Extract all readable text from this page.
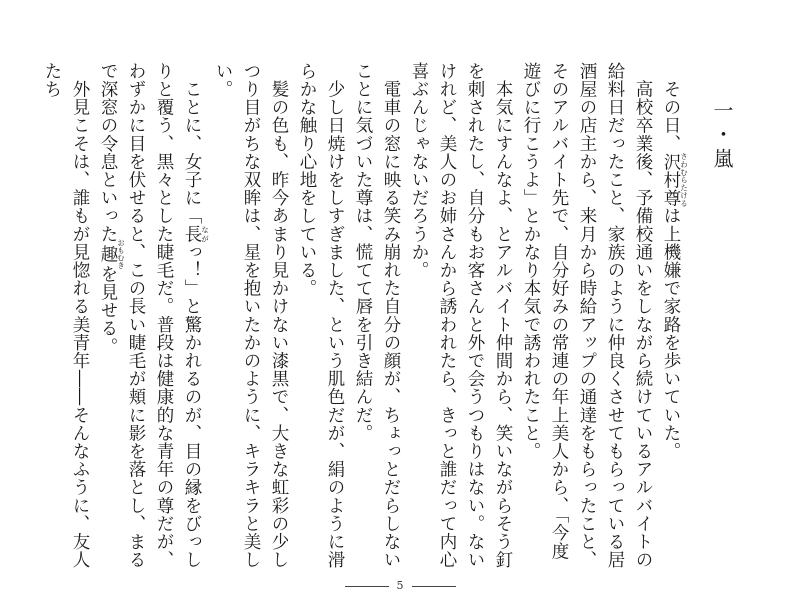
一・嵐

　その日、沢村尊さわむらたけるは上機嫌で家路を歩いていた。

　高校卒業後、予備校通いをしながら続けているアルバイトの給料日だったこと、家族のように仲良くさせてもらっている居酒屋の店主から、来月から時給アップの通達をもらったこと、そのアルバイト先で、自分好みの常連の年上美人から、「今度遊びに行こうよ」とかなり本気で誘われたこと。

　本気にすんなよ、とアルバイト仲間から、笑いながらそう釘を刺されたし、自分もお客さんと外で会うつもりはない。ないけれど、美人のお姉さんから誘われたら、きっと誰だって内心喜ぶんじゃないだろうか。

　電車の窓に映る笑み崩れた自分の顔が、ちょっとだらしないことに気づいた尊は、慌てて唇を引き結んだ。

　少し日焼けをしすぎました、という肌色だが、絹のように滑らかな触り心地をしている。

　髪の色も、昨今あまり見かけない漆黒で、大きな虹彩の少しつり目がちな双眸は、星を抱いたかのように、キラキラと美しい。

　ことに、女子に「長ながっ！」と驚かれるのが、目の縁をびっしりと覆う、黒々とした睫毛だ。普段は健康的な青年の尊だが、わずかに目を伏せると、この長い睫毛が頬に影を落とし、まるで深窓の令息といった趣おもむきを見せる。

　外見こそは、誰もが見惚れる美青年――そんなふうに、友人たち

5
